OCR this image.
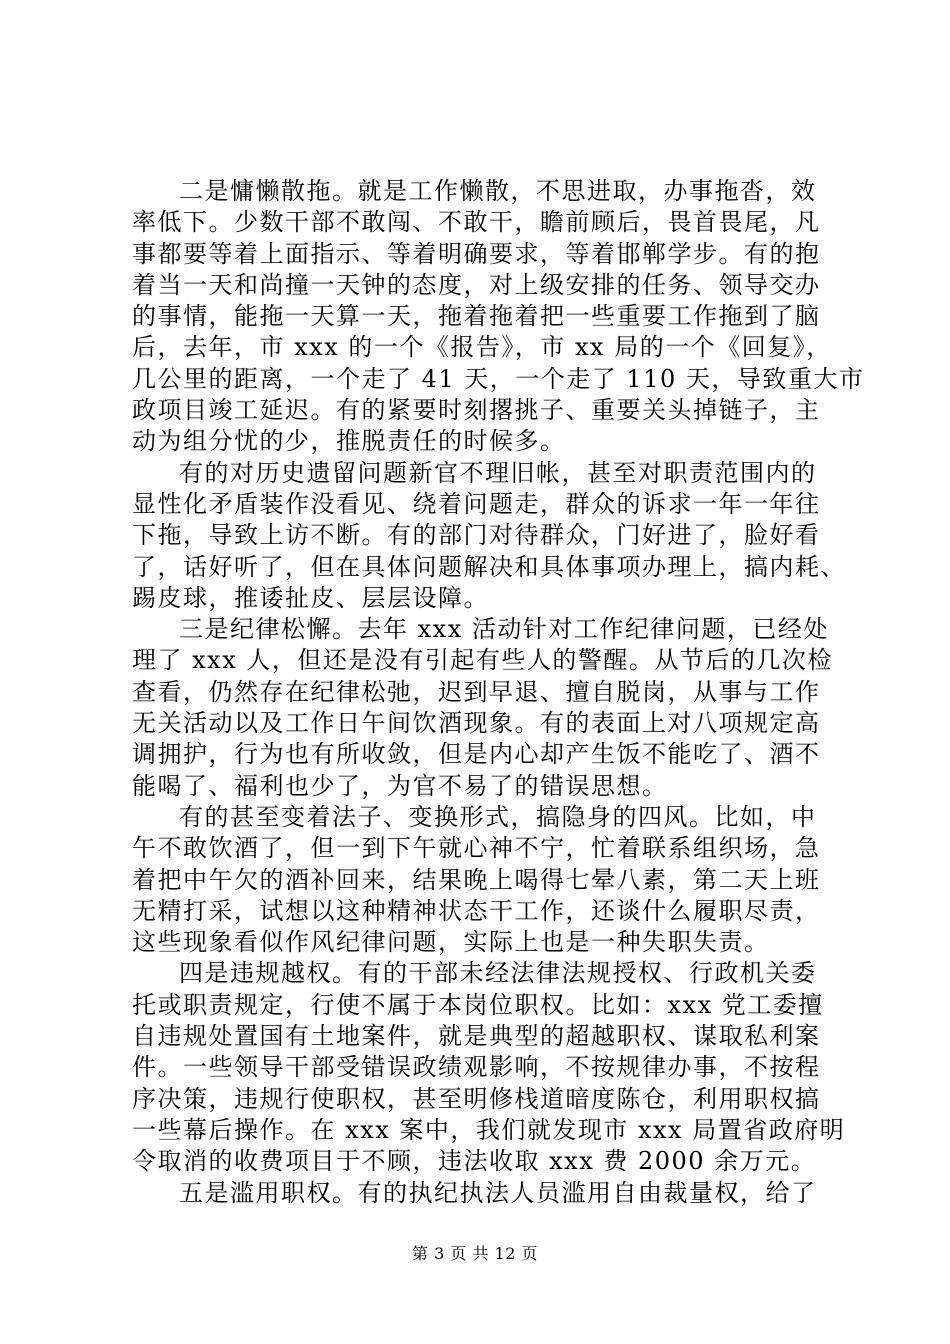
二是慵懒散拖。就是工作懒散，不思进取，办事拖沓，效
率低下。少数干部不敢闯、不敢干，瞻前顾后，畏首畏尾，凡
事都要等着上面指示、等着明确要求，等着邯郸学步。有的抱
着当一天和尚撞一天钟的态度，对上级安排的任务、领导交办
的事情，能拖一天算一天，拖着拖着把一些重要工作拖到了脑
后，去年，市 xxx 的一个《报告》，市 xx 局的一个《回复》，
几公里的距离，一个走了 41 天，一个走了 110 天，导致重大市
政项目竣工延迟。有的紧要时刻撂挑子、重要关头掉链子，主
动为组分忧的少，推脱责任的时候多。
有的对历史遗留问题新官不理旧帐，甚至对职责范围内的
显性化矛盾装作没看见、绕着问题走，群众的诉求一年一年往
下拖，导致上访不断。有的部门对待群众，门好进了，脸好看
了，话好听了，但在具体问题解决和具体事项办理上，搞内耗、
踢皮球，推诿扯皮、层层设障。
三是纪律松懈。去年 xxx 活动针对工作纪律问题，已经处
理了 xxx 人，但还是没有引起有些人的警醒。从节后的几次检
查看，仍然存在纪律松弛，迟到早退、擅自脱岗，从事与工作
无关活动以及工作日午间饮酒现象。有的表面上对八项规定高
调拥护，行为也有所收敛，但是内心却产生饭不能吃了、酒不
能喝了、福利也少了，为官不易了的错误思想。
有的甚至变着法子、变换形式，搞隐身的四风。比如，中
午不敢饮酒了，但一到下午就心神不宁，忙着联系组织场，急
着把中午欠的酒补回来，结果晚上喝得七晕八素，第二天上班
无精打采，试想以这种精神状态干工作，还谈什么履职尽责，
这些现象看似作风纪律问题，实际上也是一种失职失责。
四是违规越权。有的干部未经法律法规授权、行政机关委
托或职责规定，行使不属于本岗位职权。比如：xxx 党工委擅
自违规处置国有土地案件，就是典型的超越职权、谋取私利案
件。一些领导干部受错误政绩观影响，不按规律办事，不按程
序决策，违规行使职权，甚至明修栈道暗度陈仓，利用职权搞
一些幕后操作。在 xxx 案中，我们就发现市 xxx 局置省政府明
令取消的收费项目于不顾，违法收取 xxx 费 2000 余万元。
五是滥用职权。有的执纪执法人员滥用自由裁量权，给了
第 3 页 共 12 页
